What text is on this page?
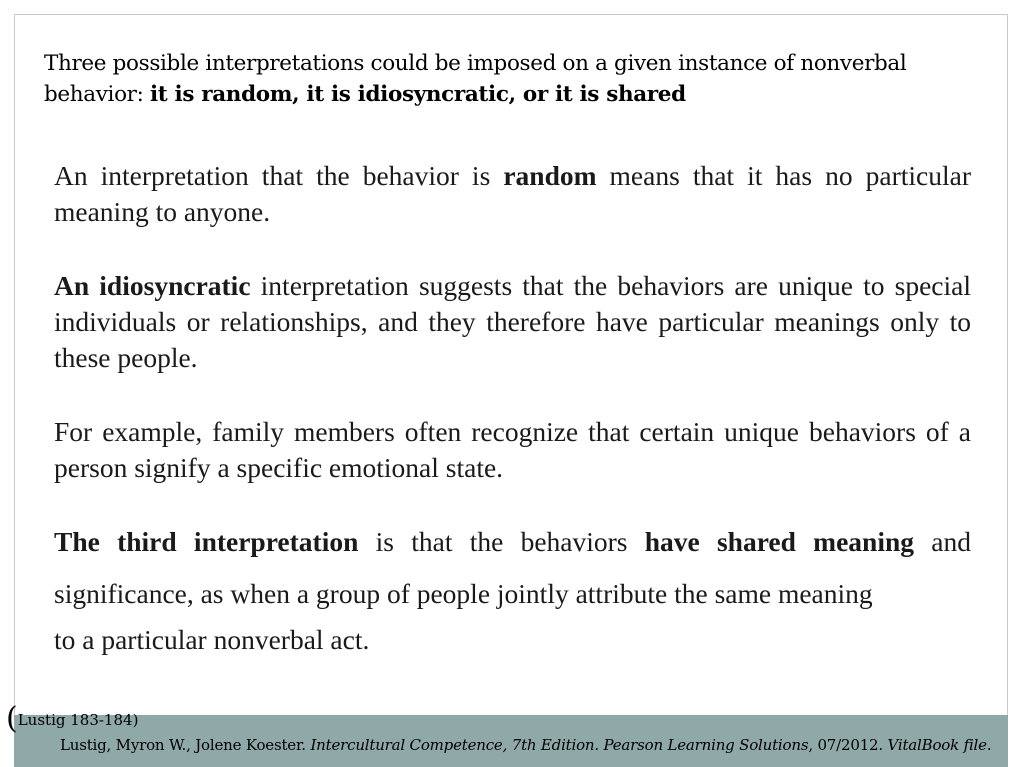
Three possible interpretations could be imposed on a given instance of nonverbal behavior: it is random, it is idiosyncratic, or it is shared

An interpretation that the behavior is random means that it has no particular meaning to anyone.

An idiosyncratic interpretation suggests that the behaviors are unique to special individuals or relationships, and they therefore have particular meanings only to these people.

For example, family members often recognize that certain unique behaviors of a person signify a specific emotional state.

The third interpretation is that the behaviors have shared meaning and significance, as when a group of people jointly attribute the same meaning
to a particular nonverbal act.

(Lustig 183-184)
Lustig, Myron W., Jolene Koester. Intercultural Competence, 7th Edition. Pearson Learning Solutions, 07/2012. VitalBook file.
